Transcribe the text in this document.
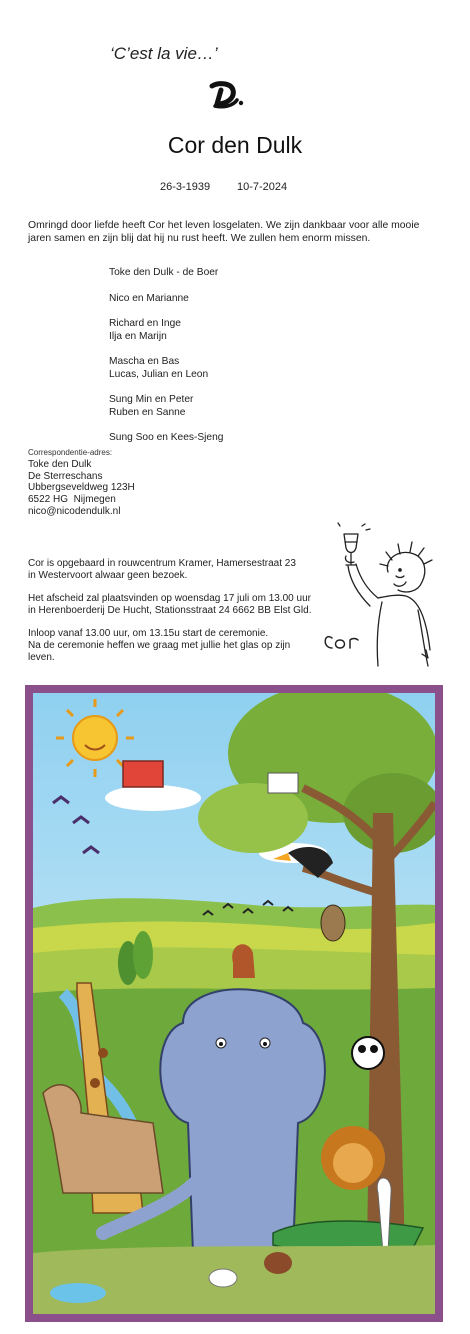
‘C’est la vie…’
Cor den Dulk
26-3-1939 10-7-2024
Omringd door liefde heeft Cor het leven losgelaten. We zijn dankbaar voor alle mooie jaren samen en zijn blij dat hij nu rust heeft. We zullen hem enorm missen.
Toke den Dulk - de Boer
Nico en Marianne
Richard en Inge
Ilja en Marijn
Mascha en Bas
Lucas, Julian en Leon
Sung Min en Peter
Ruben en Sanne
Sung Soo en Kees-Sjeng
Correspondentie-adres:
Toke den Dulk
De Sterreschans
Ubbergseveldweg 123H
6522 HG  Nijmegen
nico@nicodendulk.nl

Cor is opgebaard in rouwcentrum Kramer, Hamersestraat 23
in Westervoort alwaar geen bezoek.

Het afscheid zal plaatsvinden op woensdag 17 juli om 13.00 uur
in Herenboerderij De Hucht, Stationsstraat 24 6662 BB Elst Gld.

Inloop vanaf 13.00 uur, om 13.15u start de ceremonie.
Na de ceremonie heffen we graag met jullie het glas op zijn
leven.
